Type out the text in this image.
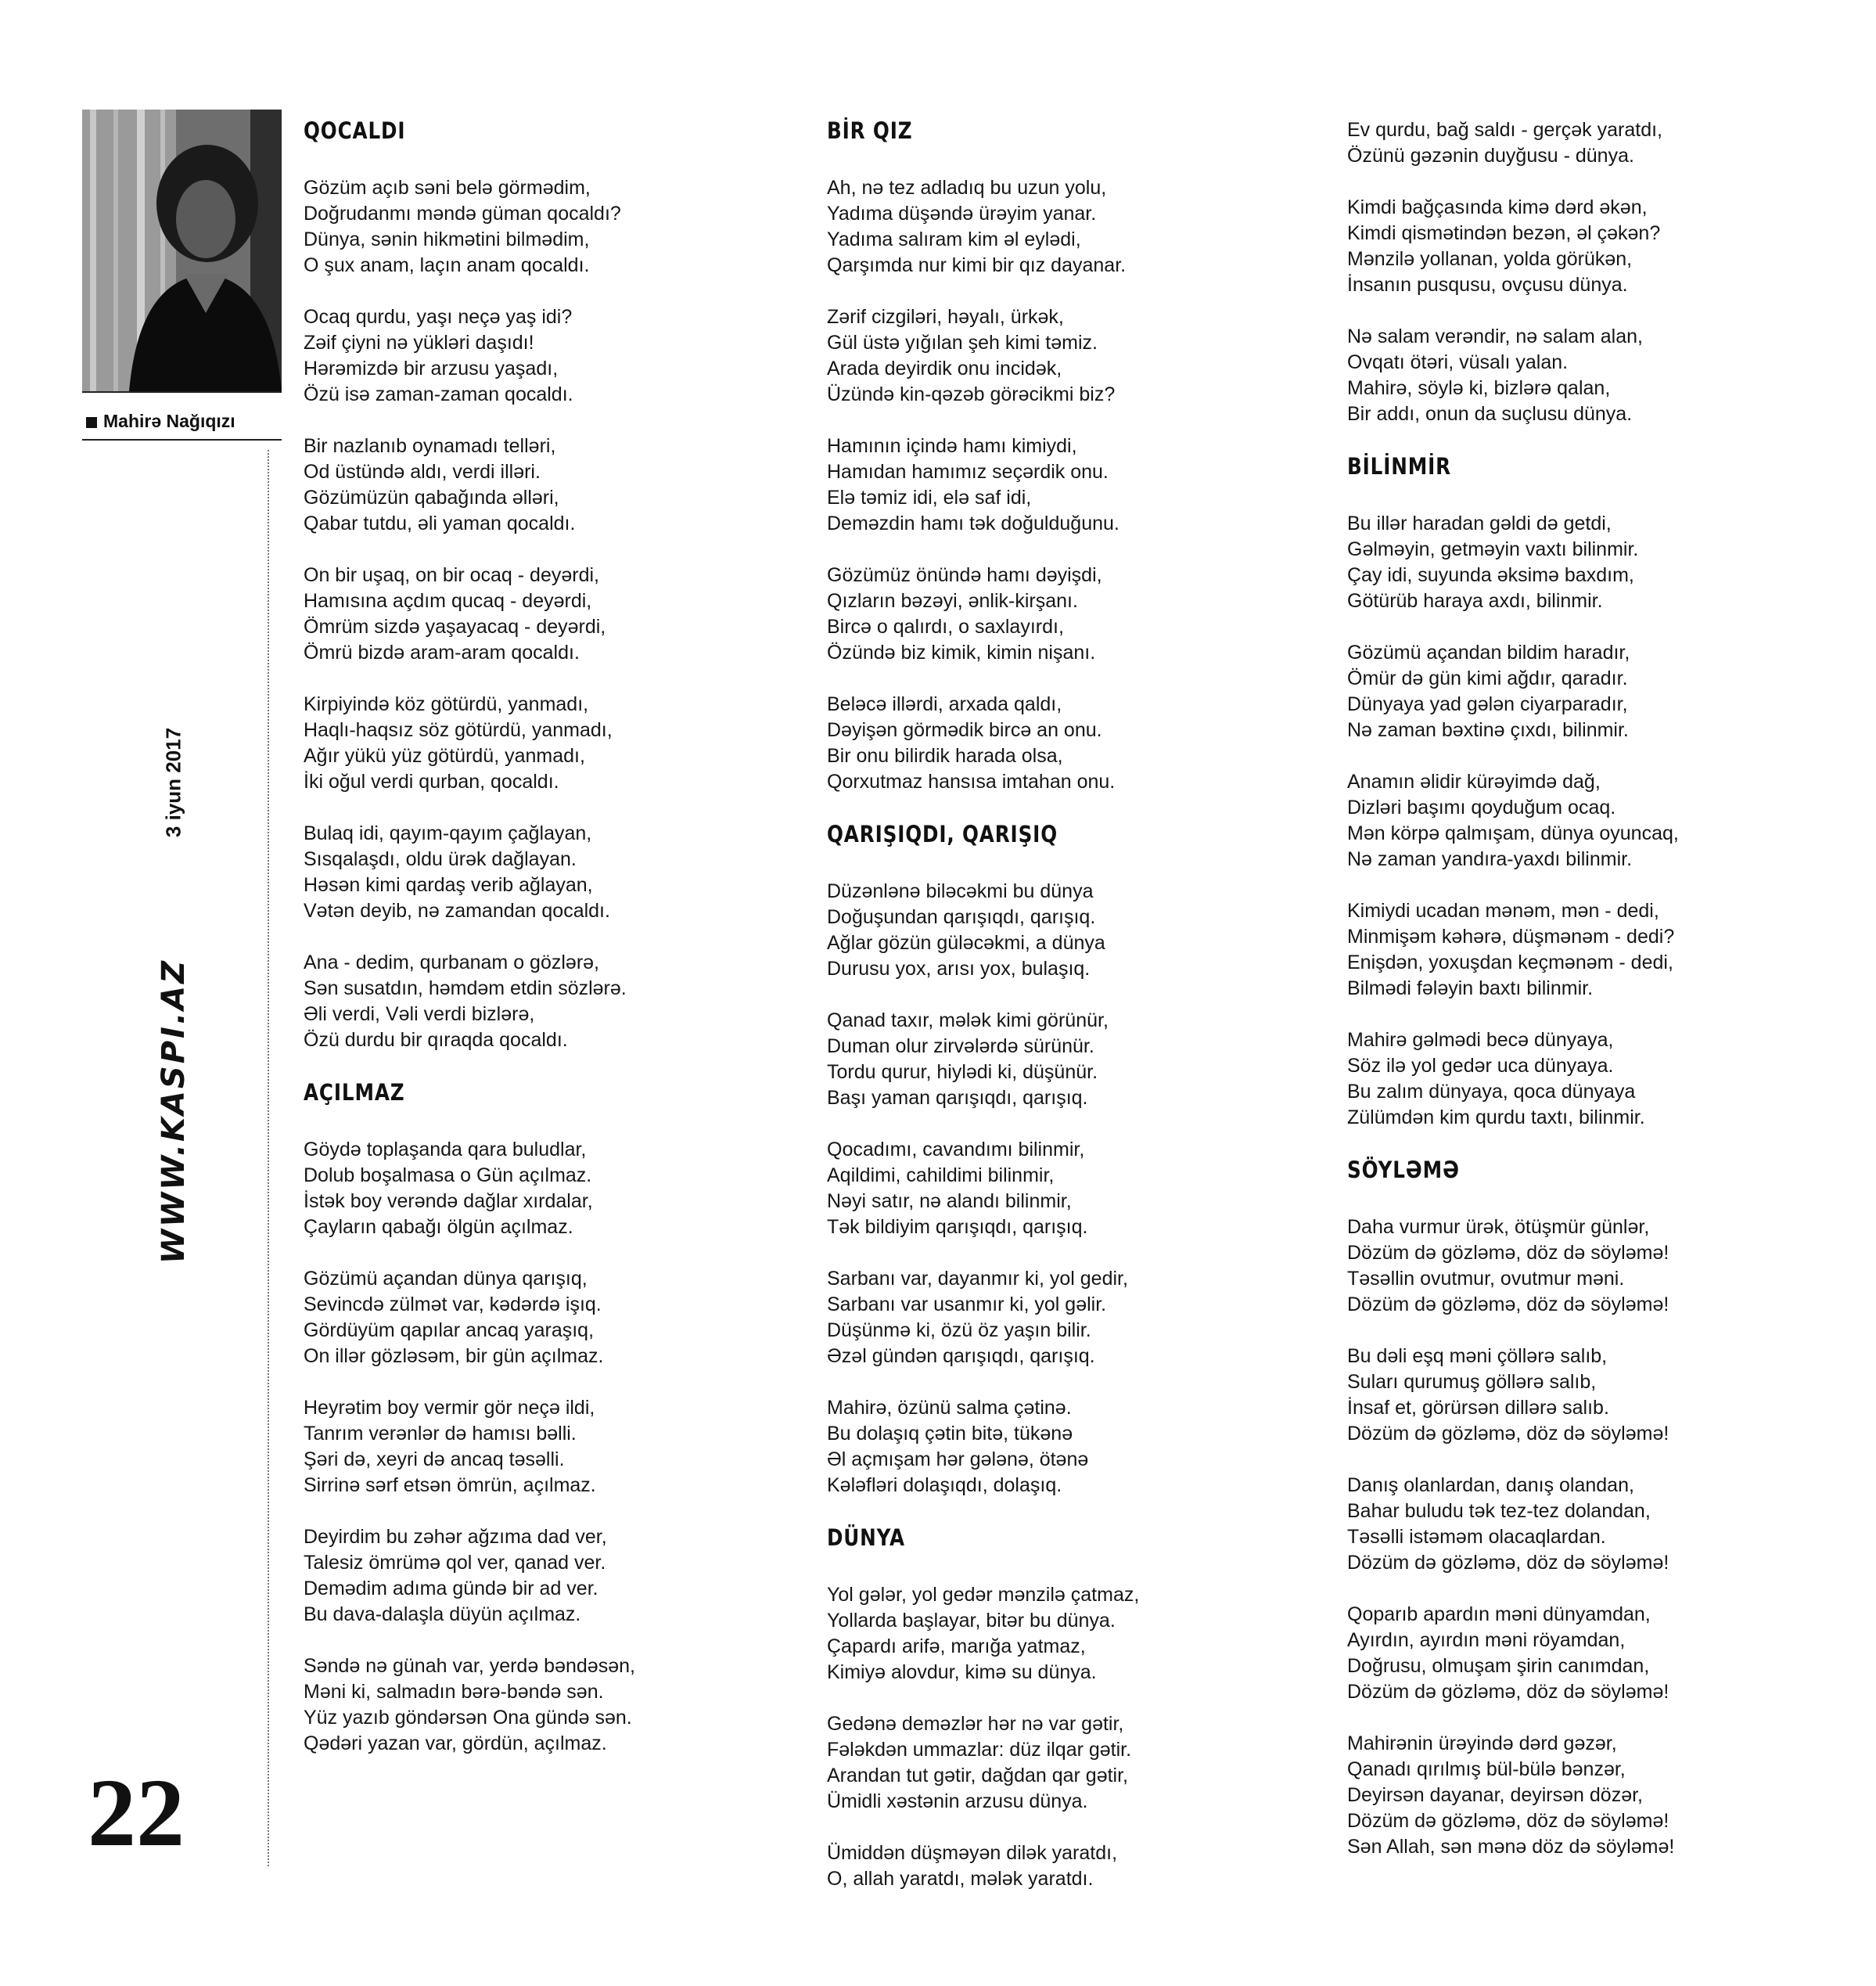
Mahirə Nağıqızı
3 iyun 2017
WWW.KASPI.AZ
22
QOCALDI
Gözüm açıb səni belə görmədim,
Doğrudanmı məndə güman qocaldı?
Dünya, sənin hikmətini bilmədim,
O şux anam, laçın anam qocaldı.
Ocaq qurdu, yaşı neçə yaş idi?
Zəif çiyni nə yükləri daşıdı!
Hərəmizdə bir arzusu yaşadı,
Özü isə zaman-zaman qocaldı.
Bir nazlanıb oynamadı telləri,
Od üstündə aldı, verdi illəri.
Gözümüzün qabağında əlləri,
Qabar tutdu, əli yaman qocaldı.
On bir uşaq, on bir ocaq - deyərdi,
Hamısına açdım qucaq - deyərdi,
Ömrüm sizdə yaşayacaq - deyərdi,
Ömrü bizdə aram-aram qocaldı.
Kirpiyində köz götürdü, yanmadı,
Haqlı-haqsız söz götürdü, yanmadı,
Ağır yükü yüz götürdü, yanmadı,
İki oğul verdi qurban, qocaldı.
Bulaq idi, qayım-qayım çağlayan,
Sısqalaşdı, oldu ürək dağlayan.
Həsən kimi qardaş verib ağlayan,
Vətən deyib, nə zamandan qocaldı.
Ana - dedim, qurbanam o gözlərə,
Sən susatdın, həmdəm etdin sözlərə.
Əli verdi, Vəli verdi bizlərə,
Özü durdu bir qıraqda qocaldı.
AÇILMAZ
Göydə toplaşanda qara buludlar,
Dolub boşalmasa o Gün açılmaz.
İstək boy verəndə dağlar xırdalar,
Çayların qabağı ölgün açılmaz.
Gözümü açandan dünya qarışıq,
Sevincdə zülmət var, kədərdə işıq.
Gördüyüm qapılar ancaq yaraşıq,
On illər gözləsəm, bir gün açılmaz.
Heyrətim boy vermir gör neçə ildi,
Tanrım verənlər də hamısı bəlli.
Şəri də, xeyri də ancaq təsəlli.
Sirrinə sərf etsən ömrün, açılmaz.
Deyirdim bu zəhər ağzıma dad ver,
Talesiz ömrümə qol ver, qanad ver.
Demədim adıma gündə bir ad ver.
Bu dava-dalaşla düyün açılmaz.
Səndə nə günah var, yerdə bəndəsən,
Məni ki, salmadın bərə-bəndə sən.
Yüz yazıb göndərsən Ona gündə sən.
Qədəri yazan var, gördün, açılmaz.
BİR QIZ
Ah, nə tez adladıq bu uzun yolu,
Yadıma düşəndə ürəyim yanar.
Yadıma salıram kim əl eylədi,
Qarşımda nur kimi bir qız dayanar.
Zərif cizgiləri, həyalı, ürkək,
Gül üstə yığılan şeh kimi təmiz.
Arada deyirdik onu incidək,
Üzündə kin-qəzəb görəcikmi biz?
Hamının içində hamı kimiydi,
Hamıdan hamımız seçərdik onu.
Elə təmiz idi, elə saf idi,
Deməzdin hamı tək doğulduğunu.
Gözümüz önündə hamı dəyişdi,
Qızların bəzəyi, ənlik-kirşanı.
Bircə o qalırdı, o saxlayırdı,
Özündə biz kimik, kimin nişanı.
Beləcə illərdi, arxada qaldı,
Dəyişən görmədik bircə an onu.
Bir onu bilirdik harada olsa,
Qorxutmaz hansısa imtahan onu.
QARIŞIQDI, QARIŞIQ
Düzənlənə biləcəkmi bu dünya
Doğuşundan qarışıqdı, qarışıq.
Ağlar gözün güləcəkmi, a dünya
Durusu yox, arısı yox, bulaşıq.
Qanad taxır, mələk kimi görünür,
Duman olur zirvələrdə sürünür.
Tordu qurur, hiylədi ki, düşünür.
Başı yaman qarışıqdı, qarışıq.
Qocadımı, cavandımı bilinmir,
Aqildimi, cahildimi bilinmir,
Nəyi satır, nə alandı bilinmir,
Tək bildiyim qarışıqdı, qarışıq.
Sarbanı var, dayanmır ki, yol gedir,
Sarbanı var usanmır ki, yol gəlir.
Düşünmə ki, özü öz yaşın bilir.
Əzəl gündən qarışıqdı, qarışıq.
Mahirə, özünü salma çətinə.
Bu dolaşıq çətin bitə, tükənə
Əl açmışam hər gələnə, ötənə
Kələfləri dolaşıqdı, dolaşıq.
DÜNYA
Yol gələr, yol gedər mənzilə çatmaz,
Yollarda başlayar, bitər bu dünya.
Çapardı arifə, marığa yatmaz,
Kimiyə alovdur, kimə su dünya.
Gedənə deməzlər hər nə var gətir,
Fələkdən ummazlar: düz ilqar gətir.
Arandan tut gətir, dağdan qar gətir,
Ümidli xəstənin arzusu dünya.
Ümiddən düşməyən dilək yaratdı,
O, allah yaratdı, mələk yaratdı.
Ev qurdu, bağ saldı - gerçək yaratdı,
Özünü gəzənin duyğusu - dünya.
Kimdi bağçasında kimə dərd əkən,
Kimdi qismətindən bezən, əl çəkən?
Mənzilə yollanan, yolda görükən,
İnsanın pusqusu, ovçusu dünya.
Nə salam verəndir, nə salam alan,
Ovqatı ötəri, vüsalı yalan.
Mahirə, söylə ki, bizlərə qalan,
Bir addı, onun da suçlusu dünya.
BİLİNMİR
Bu illər haradan gəldi də getdi,
Gəlməyin, getməyin vaxtı bilinmir.
Çay idi, suyunda əksimə baxdım,
Götürüb haraya axdı, bilinmir.
Gözümü açandan bildim haradır,
Ömür də gün kimi ağdır, qaradır.
Dünyaya yad gələn ciyarparadır,
Nə zaman bəxtinə çıxdı, bilinmir.
Anamın əlidir kürəyimdə dağ,
Dizləri başımı qoyduğum ocaq.
Mən körpə qalmışam, dünya oyuncaq,
Nə zaman yandıra-yaxdı bilinmir.
Kimiydi ucadan mənəm, mən - dedi,
Minmişəm kəhərə, düşmənəm - dedi?
Enişdən, yoxuşdan keçmənəm - dedi,
Bilmədi fələyin baxtı bilinmir.
Mahirə gəlmədi becə dünyaya,
Söz ilə yol gedər uca dünyaya.
Bu zalım dünyaya, qoca dünyaya
Zülümdən kim qurdu taxtı, bilinmir.
SÖYLƏMƏ
Daha vurmur ürək, ötüşmür günlər,
Dözüm də gözləmə, döz də söyləmə!
Təsəllin ovutmur, ovutmur məni.
Dözüm də gözləmə, döz də söyləmə!
Bu dəli eşq məni çöllərə salıb,
Suları qurumuş göllərə salıb,
İnsaf et, görürsən dillərə salıb.
Dözüm də gözləmə, döz də söyləmə!
Danış olanlardan, danış olandan,
Bahar buludu tək tez-tez dolandan,
Təsəlli istəməm olacaqlardan.
Dözüm də gözləmə, döz də söyləmə!
Qoparıb apardın məni dünyamdan,
Ayırdın, ayırdın məni röyamdan,
Doğrusu, olmuşam şirin canımdan,
Dözüm də gözləmə, döz də söyləmə!
Mahirənin ürəyində dərd gəzər,
Qanadı qırılmış bül-bülə bənzər,
Deyirsən dayanar, deyirsən dözər,
Dözüm də gözləmə, döz də söyləmə!
Sən Allah, sən mənə döz də söyləmə!
